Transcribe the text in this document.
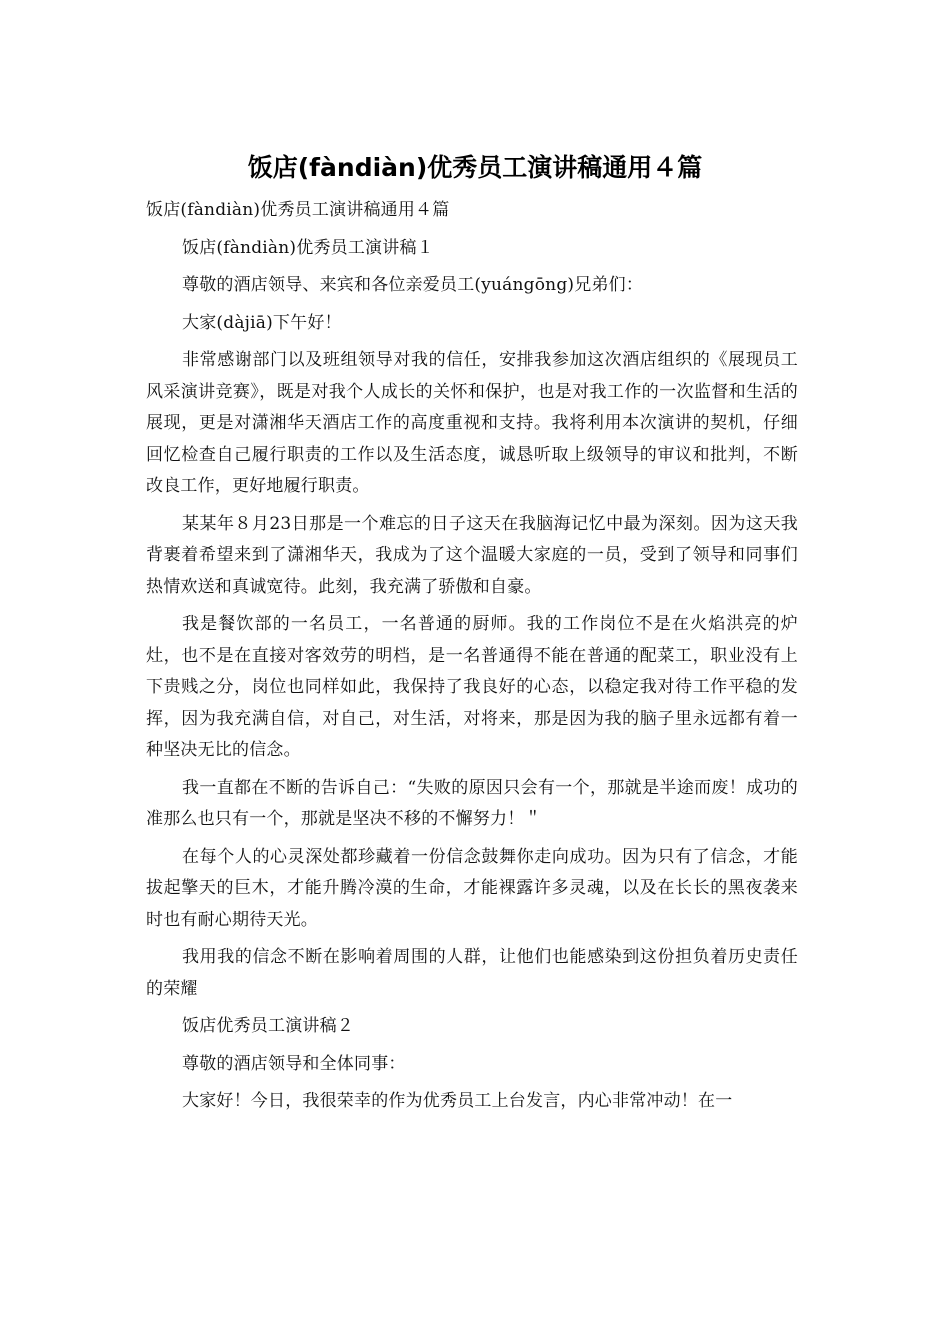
饭店(fàndiàn)优秀员工演讲稿通用４篇

饭店(fàndiàn)优秀员工演讲稿通用４篇

饭店(fàndiàn)优秀员工演讲稿１

尊敬的酒店领导、来宾和各位亲爱员工(yuángōng)兄弟们：

大家(dàjiā)下午好！

非常感谢部门以及班组领导对我的信任，安排我参加这次酒店组织的《展现员工风采演讲竞赛》，既是对我个人成长的关怀和保护，也是对我工作的一次监督和生活的展现，更是对潇湘华天酒店工作的高度重视和支持。我将利用本次演讲的契机，仔细回忆检查自己履行职责的工作以及生活态度，诚恳听取上级领导的审议和批判，不断改良工作，更好地履行职责。

某某年８月23日那是一个难忘的日子这天在我脑海记忆中最为深刻。因为这天我背裹着希望来到了潇湘华天，我成为了这个温暖大家庭的一员，受到了领导和同事们热情欢送和真诚宽待。此刻，我充满了骄傲和自豪。

我是餐饮部的一名员工，一名普通的厨师。我的工作岗位不是在火焰洪亮的炉灶，也不是在直接对客效劳的明档，是一名普通得不能在普通的配菜工，职业没有上下贵贱之分，岗位也同样如此，我保持了我良好的心态，以稳定我对待工作平稳的发挥，因为我充满自信，对自己，对生活，对将来，那是因为我的脑子里永远都有着一种坚决无比的信念。

我一直都在不断的告诉自己：“失败的原因只会有一个，那就是半途而废！成功的准那么也只有一个，那就是坚决不移的不懈努力！＂

在每个人的心灵深处都珍藏着一份信念鼓舞你走向成功。因为只有了信念，才能拔起擎天的巨木，才能升腾冷漠的生命，才能裸露许多灵魂，以及在长长的黑夜袭来时也有耐心期待天光。

我用我的信念不断在影响着周围的人群，让他们也能感染到这份担负着历史责任的荣耀

饭店优秀员工演讲稿２

尊敬的酒店领导和全体同事：

大家好！今日，我很荣幸的作为优秀员工上台发言，内心非常冲动！在一
